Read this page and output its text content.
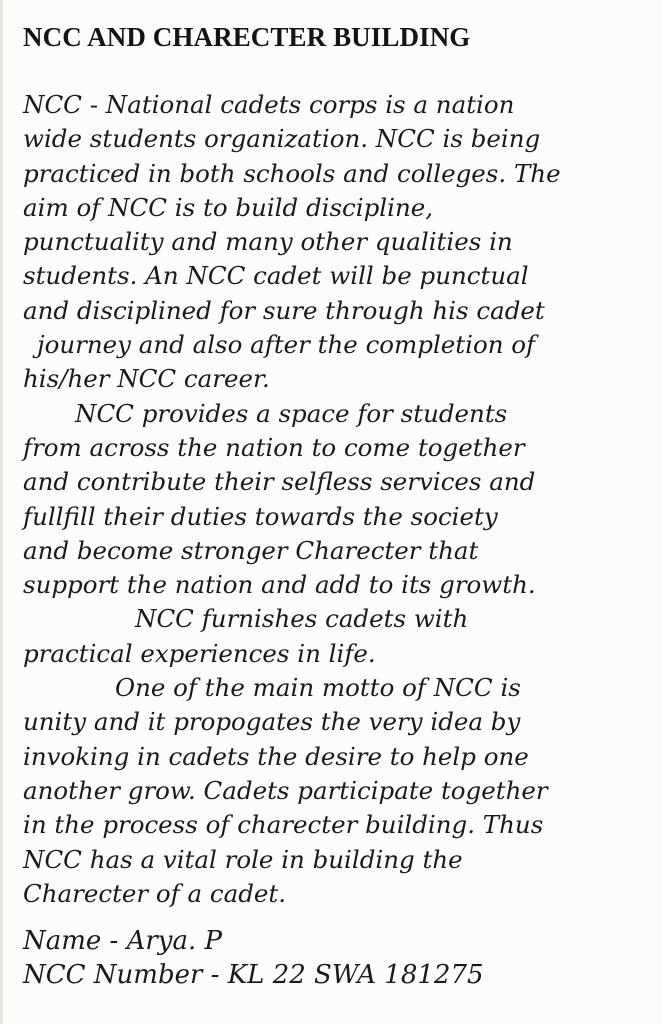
NCC AND CHARECTER BUILDING
NCC - National cadets corps is a nation
wide students organization. NCC is being
practiced in both schools and colleges. The
aim of NCC is to build discipline,
punctuality and many other qualities in
students. An NCC cadet will be punctual
and disciplined for sure through his cadet
journey and also after the completion of
his/her NCC career.
NCC provides a space for students
from across the nation to come together
and contribute their selfless services and
fullfill their duties towards the society
and become stronger Charecter that
support the nation and add to its growth.
NCC furnishes cadets with
practical experiences in life.
One of the main motto of NCC is
unity and it propogates the very idea by
invoking in cadets the desire to help one
another grow. Cadets participate together
in the process of charecter building. Thus
NCC has a vital role in building the
Charecter of a cadet.
Name - Arya. P
NCC Number - KL 22 SWA 181275
